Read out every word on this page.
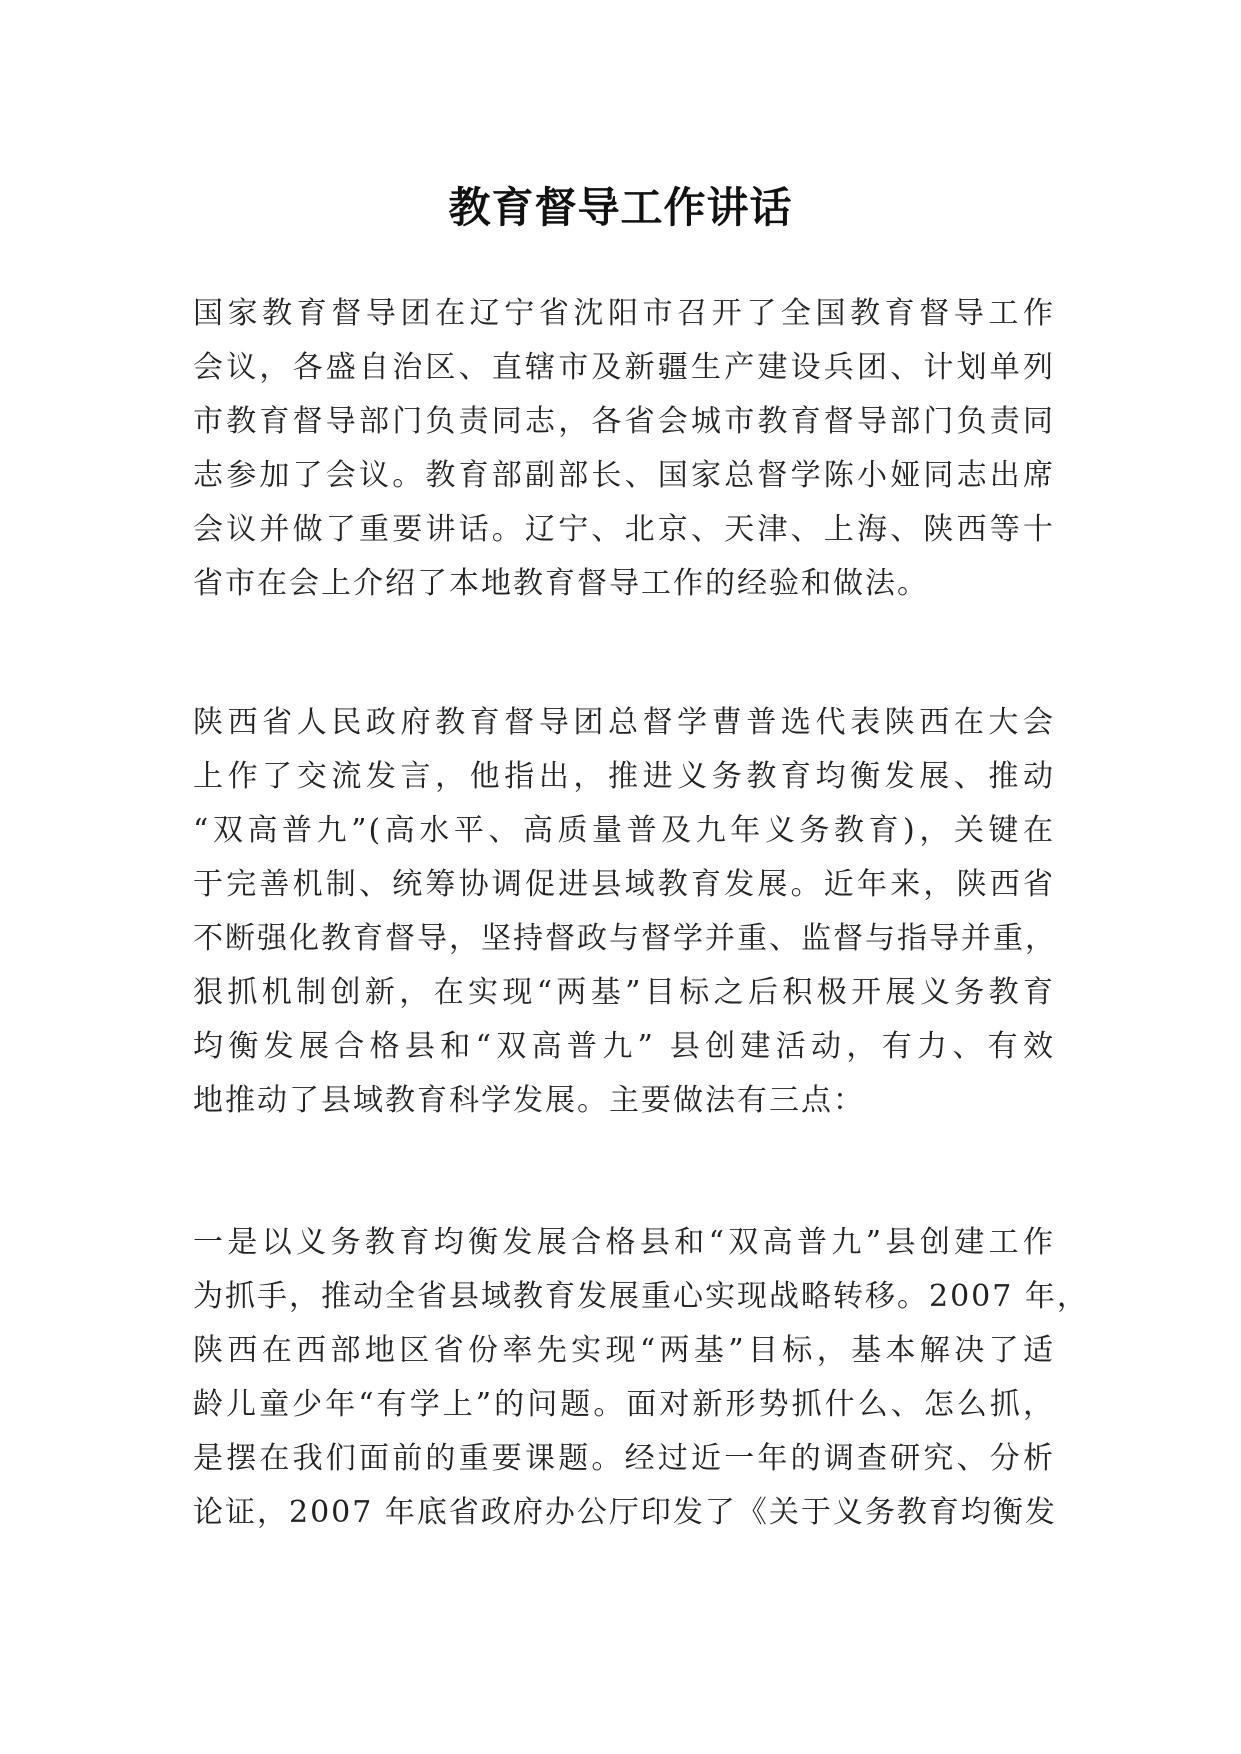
教育督导工作讲话
国家教育督导团在辽宁省沈阳市召开了全国教育督导工作
会议，各盛自治区、直辖市及新疆生产建设兵团、计划单列
市教育督导部门负责同志，各省会城市教育督导部门负责同
志参加了会议。教育部副部长、国家总督学陈小娅同志出席
会议并做了重要讲话。辽宁、北京、天津、上海、陕西等十
省市在会上介绍了本地教育督导工作的经验和做法。
陕西省人民政府教育督导团总督学曹普选代表陕西在大会
上作了交流发言，他指出，推进义务教育均衡发展、推动
“双高普九”(高水平、高质量普及九年义务教育)，关键在
于完善机制、统筹协调促进县域教育发展。近年来，陕西省
不断强化教育督导，坚持督政与督学并重、监督与指导并重，
狠抓机制创新，在实现“两基”目标之后积极开展义务教育
均衡发展合格县和“双高普九” 县创建活动，有力、有效
地推动了县域教育科学发展。主要做法有三点：
一是以义务教育均衡发展合格县和“双高普九”县创建工作
为抓手，推动全省县域教育发展重心实现战略转移。2007 年，
陕西在西部地区省份率先实现“两基”目标，基本解决了适
龄儿童少年“有学上”的问题。面对新形势抓什么、怎么抓，
是摆在我们面前的重要课题。经过近一年的调查研究、分析
论证，2007 年底省政府办公厅印发了《关于义务教育均衡发
